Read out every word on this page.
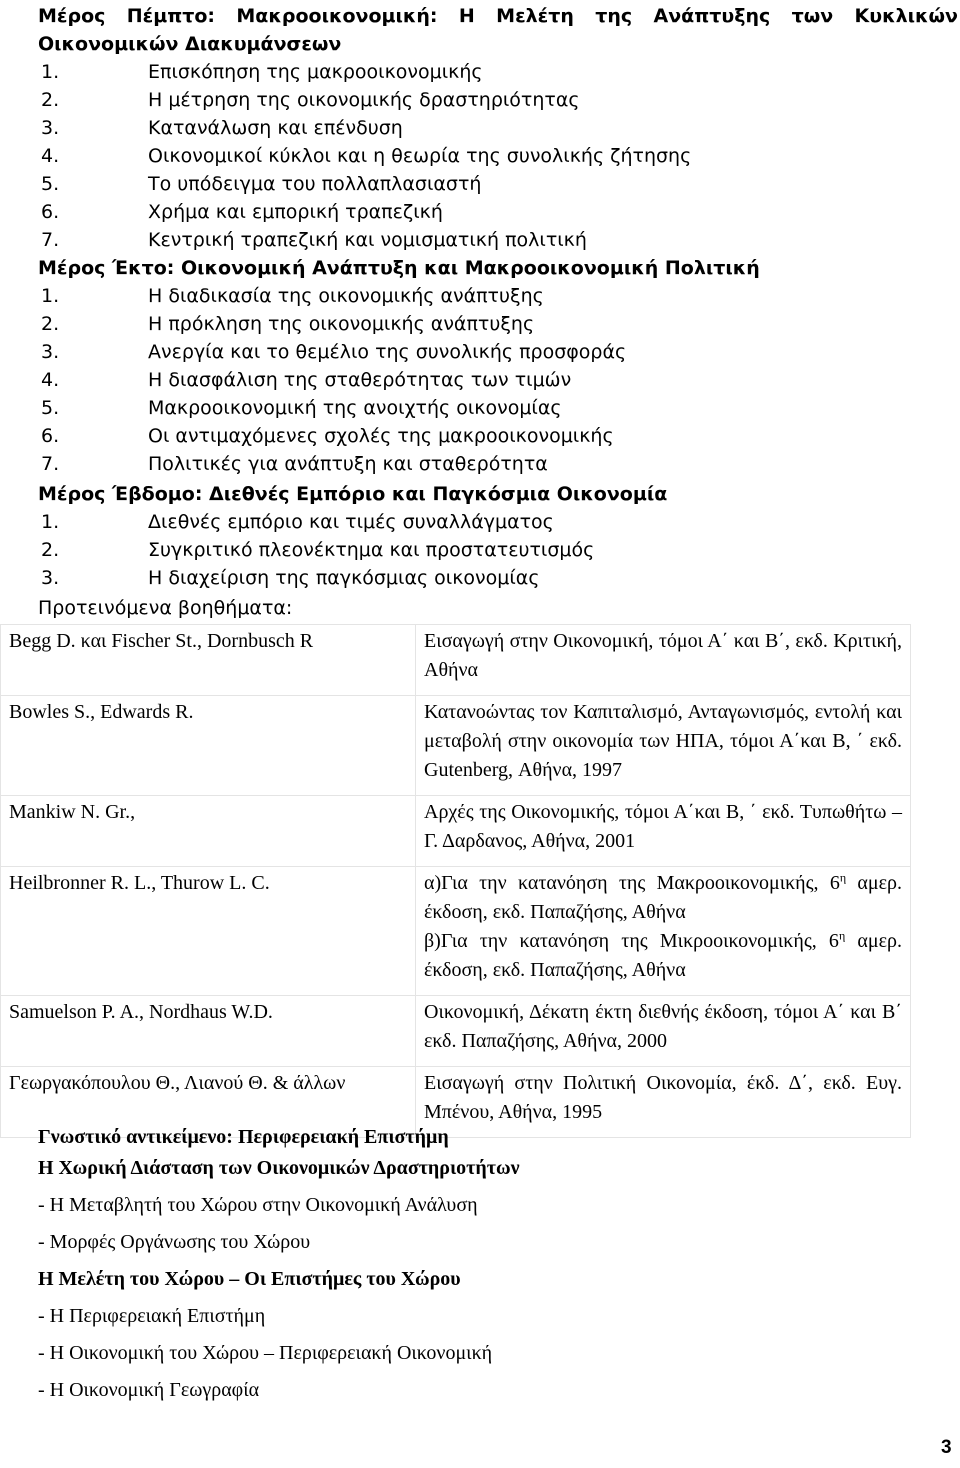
Μέρος Πέμπτο: Μακροοικονομική: Η Μελέτη της Ανάπτυξης των Κυκλικών
Οικονομικών Διακυμάνσεων
1.	Επισκόπηση της μακροοικονομικής
2.	Η μέτρηση της οικονομικής δραστηριότητας
3.	Κατανάλωση και επένδυση
4.	Οικονομικοί κύκλοι και η θεωρία της συνολικής ζήτησης
5.	Το υπόδειγμα του πολλαπλασιαστή
6.	Χρήμα και εμπορική τραπεζική
7.	Κεντρική τραπεζική και νομισματική πολιτική
Μέρος Έκτο: Οικονομική Ανάπτυξη και Μακροοικονομική Πολιτική
1.	Η διαδικασία της οικονομικής ανάπτυξης
2.	Η πρόκληση της οικονομικής ανάπτυξης
3.	Ανεργία και το θεμέλιο της συνολικής προσφοράς
4.	Η διασφάλιση της σταθερότητας των τιμών
5.	Μακροοικονομική της ανοιχτής οικονομίας
6.	Οι αντιμαχόμενες σχολές της μακροοικονομικής
7.	Πολιτικές για ανάπτυξη και σταθερότητα
Μέρος Έβδομο: Διεθνές Εμπόριο και Παγκόσμια Οικονομία
1.	Διεθνές εμπόριο και τιμές συναλλάγματος
2.	Συγκριτικό πλεονέκτημα και προστατευτισμός
3.	Η διαχείριση της παγκόσμιας οικονομίας
Προτεινόμενα βοηθήματα:
Begg D. και Fischer St., Dornbusch R	Εισαγωγή στην Οικονομική, τόμοι Α΄ και Β΄, εκδ. Κριτική, Αθήνα
Bowles S., Edwards R.	Κατανοώντας τον Καπιταλισμό, Ανταγωνισμός, εντολή και μεταβολή στην οικονομία των ΗΠΑ, τόμοι Α΄και Β, ΄ εκδ. Gutenberg, Αθήνα, 1997
Mankiw N. Gr.,	Αρχές της Οικονομικής, τόμοι Α΄και Β, ΄ εκδ. Τυπωθήτω – Γ. Δαρδανος, Αθήνα, 2001
Heilbronner R. L., Thurow L. C.	α)Για την κατανόηση της Μακροοικονομικής, $6^\eta$ αμερ. έκδοση, εκδ. Παπαζήσης, Αθήνα
β)Για την κατανόηση της Μικροοικονομικής, $6^\eta$ αμερ. έκδοση, εκδ. Παπαζήσης, Αθήνα

Samuelson P. A., Nordhaus W.D.	Οικονομική, Δέκατη έκτη διεθνής έκδοση, τόμοι Α΄ και Β΄ εκδ. Παπαζήσης, Αθήνα, 2000
Γεωργακόπουλου Θ., Λιανού Θ. & άλλων	Εισαγωγή στην Πολιτική Οικονομία, έκδ. Δ΄, εκδ. Ευγ. Μπένου, Αθήνα, 1995
Γνωστικό αντικείμενο: Περιφερειακή Επιστήμη
Η Χωρική Διάσταση των Οικονομικών Δραστηριοτήτων
- Η Μεταβλητή του Χώρου στην Οικονομική Ανάλυση
- Μορφές Οργάνωσης του Χώρου
Η Μελέτη του Χώρου – Οι Επιστήμες του Χώρου
- Η Περιφερειακή Επιστήμη
- Η Οικονομική του Χώρου – Περιφερειακή Οικονομική
- Η Οικονομική Γεωγραφία
3
